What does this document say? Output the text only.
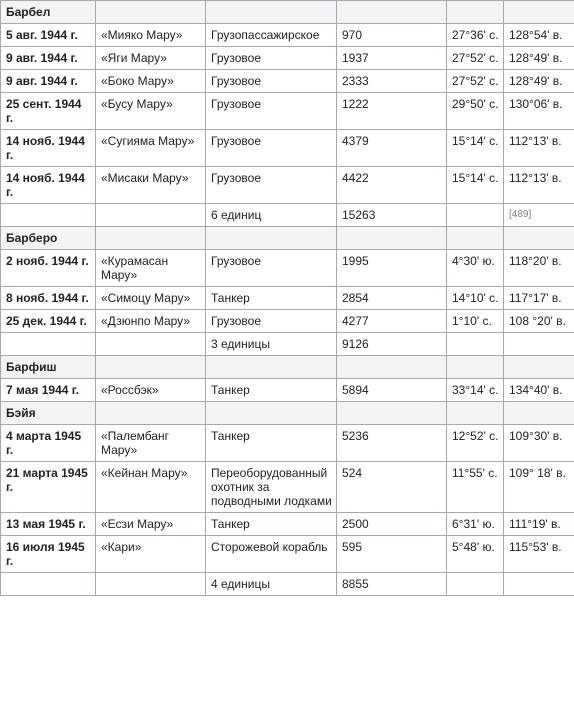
Барбел					
5 авг. 1944 г.	«Мияко Мару»	Грузопассажирское	970	27°36' с.	128°54' в.
9 авг. 1944 г.	«Яги Мару»	Грузовое	1937	27°52' с.	128°49' в.
9 авг. 1944 г.	«Боко Мару»	Грузовое	2333	27°52' с.	128°49' в.
25 сент. 1944 г.	«Бусу Мару»	Грузовое	1222	29°50' с.	130°06' в.
14 нояб. 1944 г.	«Сугияма Мару»	Грузовое	4379	15°14' с.	112°13' в.
14 нояб. 1944 г.	«Мисаки Мару»	Грузовое	4422	15°14' с.	112°13' в.
		6 единиц	15263		[489]
Барберо					
2 нояб. 1944 г.	«Курамасан Мару»	Грузовое	1995	4°30' ю.	118°20' в.
8 нояб. 1944 г.	«Симоцу Мару»	Танкер	2854	14°10' с.	117°17' в.
25 дек. 1944 г.	«Дзюнпо Мару»	Грузовое	4277	1°10' с.	108 °20' в.
		3 единицы	9126		
Барфиш					
7 мая 1944 г.	«Россбэк»	Танкер	5894	33°14' с.	134°40' в.
Бэйя					
4 марта 1945 г.	«Палембанг Мару»	Танкер	5236	12°52' с.	109°30' в.
21 марта 1945 г.	«Кейнан Мару»	Переоборудованный охотник за подводными лодками	524	11°55' с.	109° 18' в.
13 мая 1945 г.	«Есзи Мару»	Танкер	2500	6°31' ю.	111°19' в.
16 июля 1945 г.	«Кари»	Сторожевой корабль	595	5°48' ю.	115°53' в.
		4 единицы	8855		
